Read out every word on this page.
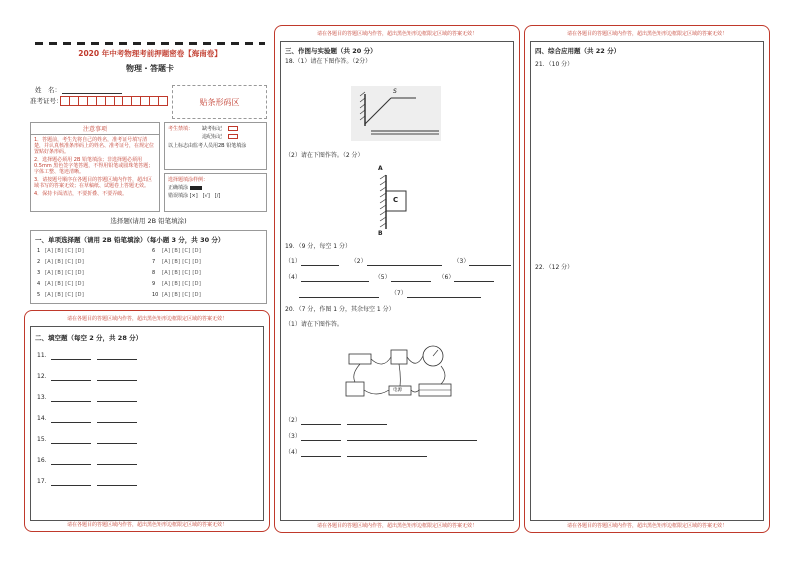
2020 年中考物理考前押题密卷【海南卷】
物理・答题卡
姓　名：
准考证号：	贴条形码区
注意事项
1．答题前，考生先将自己的姓名，准考证号填写清楚，并认真核准条形码上的姓名、准考证号，在规定位置贴好条形码。
2．选择题必须用 2B 铅笔填涂；非选择题必须用 0.5mm 黑色签字笔答题，不得用铅笔或圆珠笔答题；字体工整、笔迹清晰。
3．请按题号顺序在各题目的答题区域内作答，超出区域书写的答案无效；在草稿纸、试题卷上答题无效。
4．保持卡面清洁，不要折叠、不要弄破。
考生禁填：	缺考标记
违纪标记
以上标志由监考人员用2B 铅笔填涂
选择题填涂样例：
正确填涂
错误填涂 [×]　[√]　[/]
选择题(请用 2B 铅笔填涂)
一、单项选择题（请用 2B 铅笔填涂）（每小题 3 分，共 30 分）
1 [A] [B] [C] [D]
2 [A] [B] [C] [D]
3 [A] [B] [C] [D]
4 [A] [B] [C] [D]
5 [A] [B] [C] [D]
6 [A] [B] [C] [D]
7 [A] [B] [C] [D]
8 [A] [B] [C] [D]
9 [A] [B] [C] [D]
10 [A] [B] [C] [D]
请在各题目的答题区域内作答，超出黑色矩形边框限定区域的答案无效！
二、填空题（每空 2 分，共 28 分）
11．
12．
13．
14．
15．
16．
17．
请在各题目的答题区域内作答，超出黑色矩形边框限定区域的答案无效！
请在各题目的答题区域内作答，超出黑色矩形边框限定区域的答案无效！
三、作图与实验题（共 20 分）
18.（1）请在下图作答。（2分）
S
（2）请在下图作答。（2 分）
A
B
C
19．（9 分，每空 1 分）
（1）	（2）	（3）
（4）	（5）	（6）
（7）
20．（7 分，作图 1 分，其余每空 1 分）
（1）请在下图作答。
电源
（2）
（3）
（4）
请在各题目的答题区域内作答，超出黑色矩形边框限定区域的答案无效！
请在各题目的答题区域内作答，超出黑色矩形边框限定区域的答案无效！
四、综合应用题（共 22 分）
21．（10 分）
22．（12 分）
请在各题目的答题区域内作答，超出黑色矩形边框限定区域的答案无效！
